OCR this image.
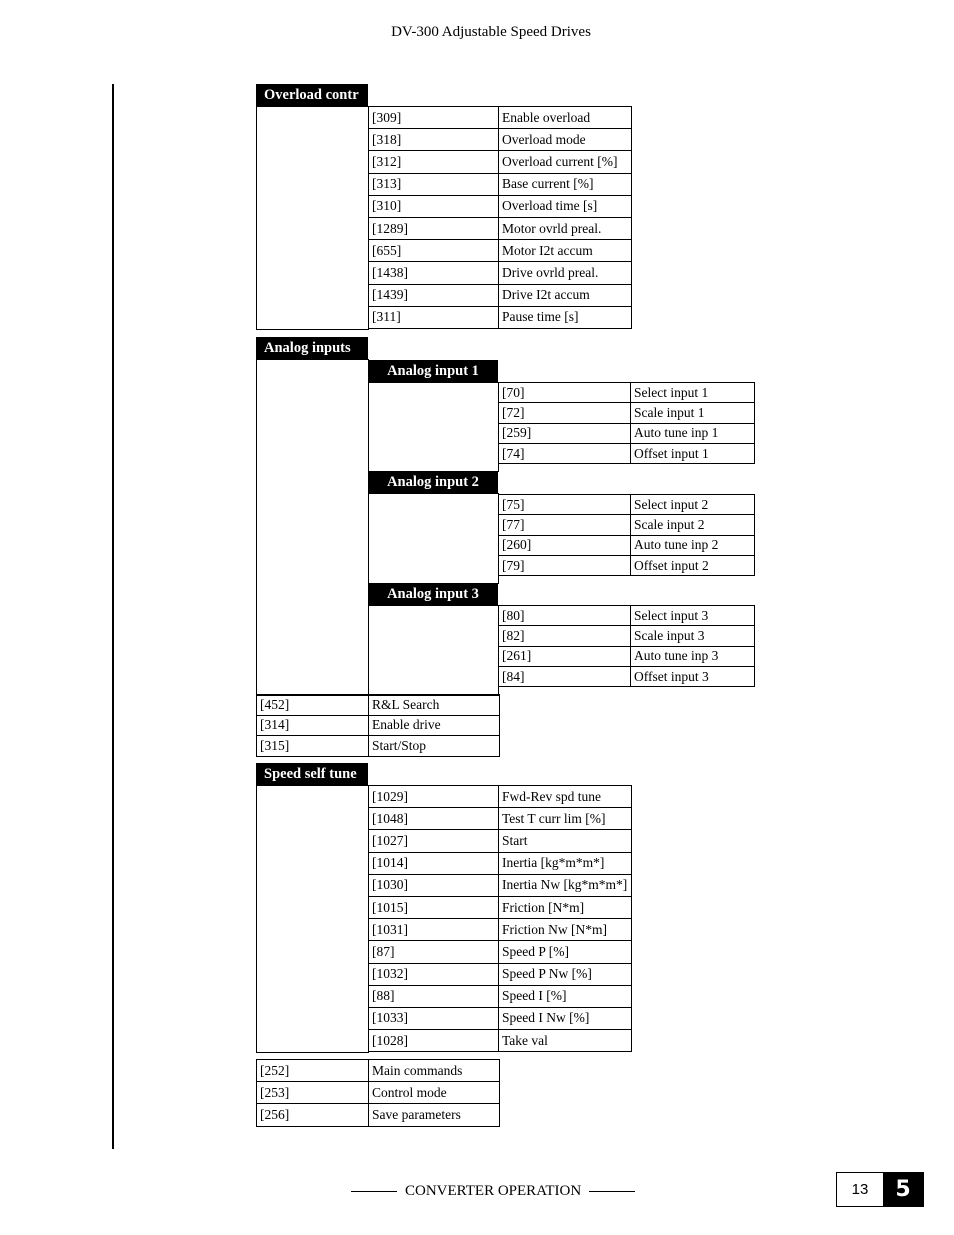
DV-300 Adjustable Speed Drives
Overload contr
[309]	Enable overload
[318]	Overload mode
[312]	Overload current [%]
[313]	Base current [%]
[310]	Overload time [s]
[1289]	Motor ovrld preal.
[655]	Motor I2t accum
[1438]	Drive ovrld preal.
[1439]	Drive I2t accum
[311]	Pause time [s]
Analog inputs
Analog input 1
[70]	Select input 1
[72]	Scale input 1
[259]	Auto tune inp 1
[74]	Offset input 1
Analog input 2
[75]	Select input 2
[77]	Scale input 2
[260]	Auto tune inp 2
[79]	Offset input 2
Analog input 3
[80]	Select input 3
[82]	Scale input 3
[261]	Auto tune inp 3
[84]	Offset input 3
[452]	R&L Search
[314]	Enable drive
[315]	Start/Stop
Speed self tune
[1029]	Fwd-Rev spd tune
[1048]	Test T curr lim [%]
[1027]	Start
[1014]	Inertia [kg*m*m*]
[1030]	Inertia Nw [kg*m*m*]
[1015]	Friction [N*m]
[1031]	Friction Nw [N*m]
[87]	Speed P [%]
[1032]	Speed P Nw [%]
[88]	Speed I [%]
[1033]	Speed I Nw [%]
[1028]	Take val
[252]	Main commands
[253]	Control mode
[256]	Save parameters
CONVERTER OPERATION	13	5
